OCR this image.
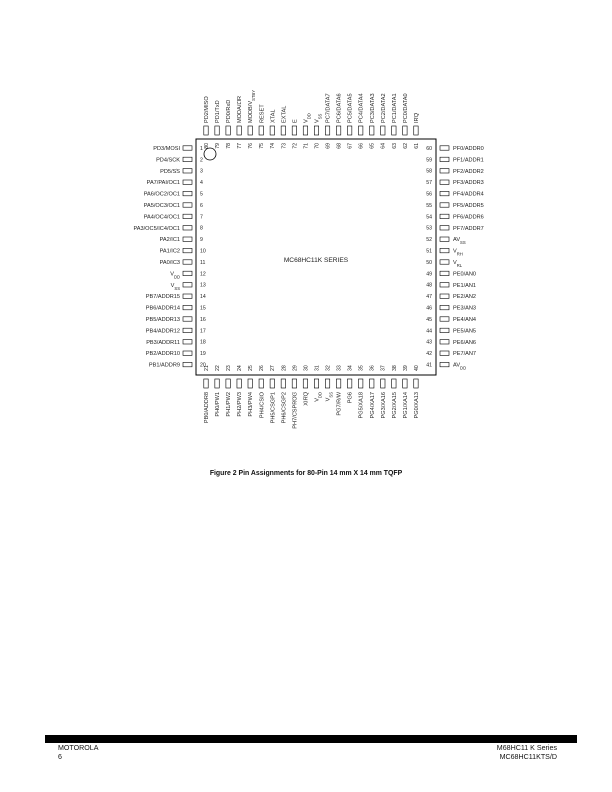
MC68HC11K SERIES
1
PD3/MOSI
2
PD4/SCK
3
PD5/SS
4
PA7/PAI/OC1
5
PA6/OC2/OC1
6
PA5/OC3/OC1
7
PA4/OC4/OC1
8
PA3/OC5/IC4/OC1
9
PA2/IC1
10
PA1/IC2
11
PA0/IC3
12
$V_{DD}$
13
$V_{SS}$
14
PB7/ADDR15
15
PB6/ADDR14
16
PB5/ADDR13
17
PB4/ADDR12
18
PB3/ADDR11
19
PB2/ADDR10
20
PB1/ADDR9
60	PF0/ADDR0
59	PF1/ADDR1
58	PF2/ADDR2
57	PF3/ADDR3
56	PF4/ADDR4
55	PF5/ADDR5
54	PF6/ADDR6
53	PF7/ADDR7
52	$AV_{SS}$
51	$V_{RH}$
50	$V_{RL}$
49	PE0/AN0
48	PE1/AN1
47	PE2/AN2
46	PE3/AN3
45	PE4/AN4
44	PE5/AN5
43	PE6/AN6
42	PE7/AN7
41	$AV_{DD}$
80
PD2/MISO
79
PD1/TxD
78
PD0/RxD
77
MODA/LIR
76
MODB/$V_{STBY}$
75
RESET
74
XTAL
73
EXTAL
72
E
71
$V_{DD}$
70
$V_{SS}$
69
PC7/DATA7
68
PC6/DATA6
67
PC5/DATA5
66
PC4/DATA4
65
PC3/DATA3
64
PC2/DATA2
63
PC1/DATA1
62
PC0/DATA0
61
IRQ
21
PB0/ADDR8
22
PH0/PW1
23
PH1/PW2
24
PH2/PW3
25
PH3/PW4
26
PH4/CSIO
27
PH5/CSGP1
28
PH6/CSGP2
29
PH7/CSPROG
30
XIRQ
31
$V_{DD}$
32
$V_{SS}$
33
PG7/R/W
34
PG6
35
PG5/XA18
36
PG4/XA17
37
PG3/XA16
38
PG2/XA15
39
PG1/XA14
40
PG0/XA13
Figure 2 Pin Assignments for 80-Pin 14 mm X 14 mm TQFP
MOTOROLA
6
M68HC11 K Series
MC68HC11KTS/D
